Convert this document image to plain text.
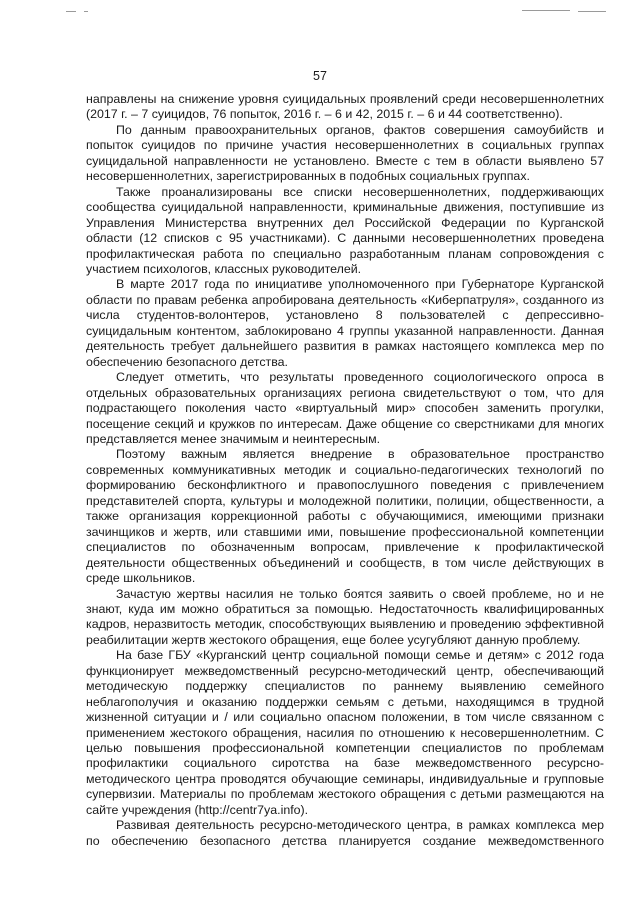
57

направлены на снижение уровня суицидальных проявлений среди несовершеннолетних (2017 г. – 7 суицидов, 76 попыток, 2016 г. – 6 и 42, 2015 г. – 6 и 44 соответственно).

По данным правоохранительных органов, фактов совершения самоубийств и попыток суицидов по причине участия несовершеннолетних в социальных группах суицидальной направленности не установлено. Вместе с тем в области выявлено 57 несовершеннолетних, зарегистрированных в подобных социальных группах.

Также проанализированы все списки несовершеннолетних, поддерживающих сообщества суицидальной направленности, криминальные движения, поступившие из Управления Министерства внутренних дел Российской Федерации по Курганской области (12 списков с 95 участниками). С данными несовершеннолетних проведена профилактическая работа по специально разработанным планам сопровождения с участием психологов, классных руководителей.

В марте 2017 года по инициативе уполномоченного при Губернаторе Курганской области по правам ребенка апробирована деятельность «Киберпатруля», созданного из числа студентов-волонтеров, установлено 8 пользователей с депрессивно-суицидальным контентом, заблокировано 4 группы указанной направленности. Данная деятельность требует дальнейшего развития в рамках настоящего комплекса мер по обеспечению безопасного детства.

Следует отметить, что результаты проведенного социологического опроса в отдельных образовательных организациях региона свидетельствуют о том, что для подрастающего поколения часто «виртуальный мир» способен заменить прогулки, посещение секций и кружков по интересам. Даже общение со сверстниками для многих представляется менее значимым и неинтересным.

Поэтому важным является внедрение в образовательное пространство современных коммуникативных методик и социально-педагогических технологий по формированию бесконфликтного и правопослушного поведения с привлечением представителей спорта, культуры и молодежной политики, полиции, общественности, а также организация коррекционной работы с обучающимися, имеющими признаки зачинщиков и жертв, или ставшими ими, повышение профессиональной компетенции специалистов по обозначенным вопросам, привлечение к профилактической деятельности общественных объединений и сообществ, в том числе действующих в среде школьников.

Зачастую жертвы насилия не только боятся заявить о своей проблеме, но и не знают, куда им можно обратиться за помощью. Недостаточность квалифицированных кадров, неразвитость методик, способствующих выявлению и проведению эффективной реабилитации жертв жестокого обращения, еще более усугубляют данную проблему.

На базе ГБУ «Курганский центр социальной помощи семье и детям» с 2012 года функционирует межведомственный ресурсно-методический центр, обеспечивающий методическую поддержку специалистов по раннему выявлению семейного неблагополучия и оказанию поддержки семьям с детьми, находящимся в трудной жизненной ситуации и / или социально опасном положении, в том числе связанном с применением жестокого обращения, насилия по отношению к несовершеннолетним. С целью повышения профессиональной компетенции специалистов по проблемам профилактики социального сиротства на базе межведомственного ресурсно-методического центра проводятся обучающие семинары, индивидуальные и групповые супервизии. Материалы по проблемам жестокого обращения с детьми размещаются на сайте учреждения (http://centr7ya.info).

Развивая деятельность ресурсно-методического центра, в рамках комплекса мер по обеспечению безопасного детства планируется создание межведомственного
